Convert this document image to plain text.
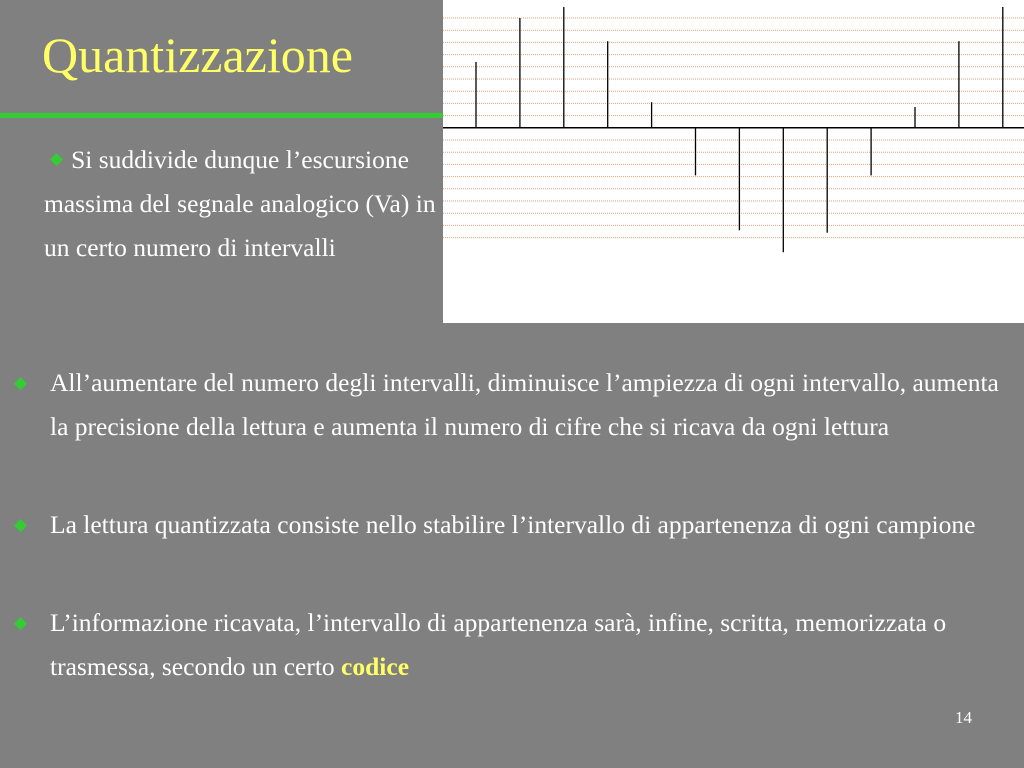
Quantizzazione
◆ Si suddivide dunque l’escursione massima del segnale analogico (Va) in un certo numero di intervalli
◆ All’aumentare del numero degli intervalli, diminuisce l’ampiezza di ogni intervallo, aumenta la precisione della lettura e aumenta il numero di cifre che si ricava da ogni lettura
◆ La lettura quantizzata consiste nello stabilire l’intervallo di appartenenza di ogni campione
◆ L’informazione ricavata, l’intervallo di appartenenza sarà, infine, scritta, memorizzata o trasmessa, secondo un certo codice
14
